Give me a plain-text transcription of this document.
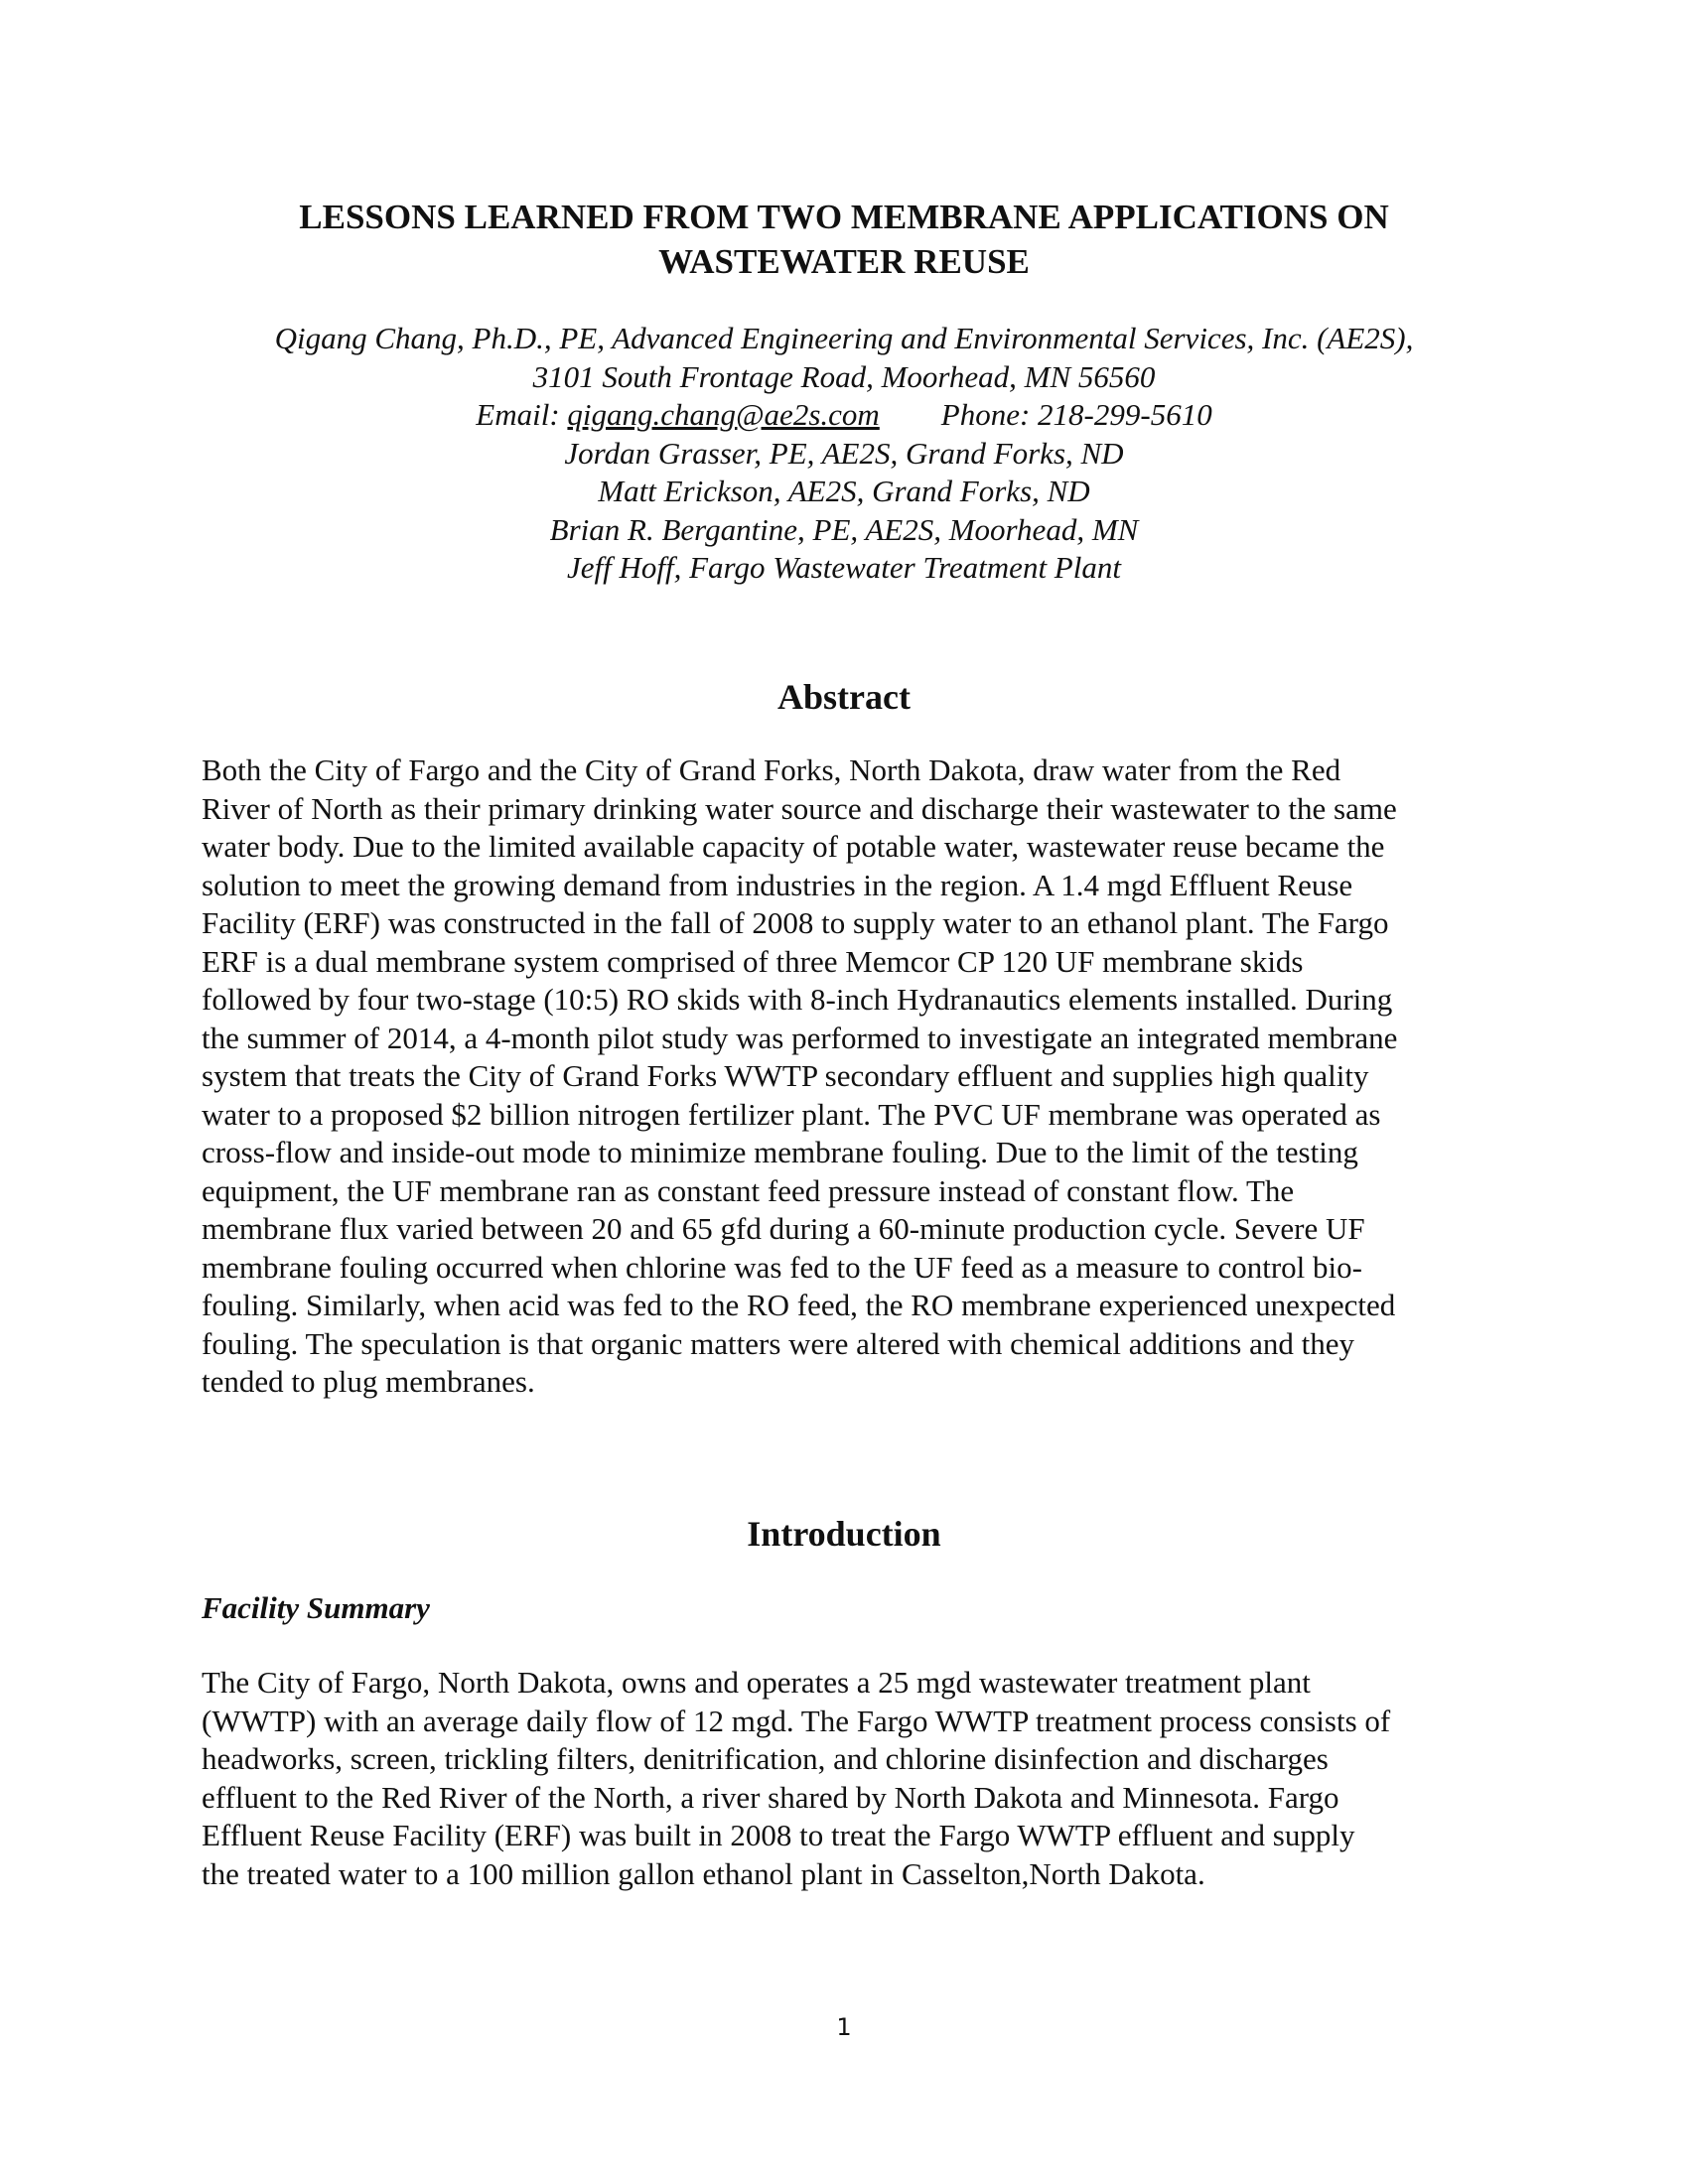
LESSONS LEARNED FROM TWO MEMBRANE APPLICATIONS ON
WASTEWATER REUSE
Qigang Chang, Ph.D., PE, Advanced Engineering and Environmental Services, Inc. (AE2S),
3101 South Frontage Road, Moorhead, MN 56560
Email: qigang.chang@ae2s.com Phone: 218-299-5610
Jordan Grasser, PE, AE2S, Grand Forks, ND
Matt Erickson, AE2S, Grand Forks, ND
Brian R. Bergantine, PE, AE2S, Moorhead, MN
Jeff Hoff, Fargo Wastewater Treatment Plant
Abstract
Both the City of Fargo and the City of Grand Forks, North Dakota, draw water from the Red
River of North as their primary drinking water source and discharge their wastewater to the same
water body. Due to the limited available capacity of potable water, wastewater reuse became the
solution to meet the growing demand from industries in the region. A 1.4 mgd Effluent Reuse
Facility (ERF) was constructed in the fall of 2008 to supply water to an ethanol plant. The Fargo
ERF is a dual membrane system comprised of three Memcor CP 120 UF membrane skids
followed by four two-stage (10:5) RO skids with 8-inch Hydranautics elements installed. During
the summer of 2014, a 4-month pilot study was performed to investigate an integrated membrane
system that treats the City of Grand Forks WWTP secondary effluent and supplies high quality
water to a proposed $2 billion nitrogen fertilizer plant. The PVC UF membrane was operated as
cross-flow and inside-out mode to minimize membrane fouling. Due to the limit of the testing
equipment, the UF membrane ran as constant feed pressure instead of constant flow. The
membrane flux varied between 20 and 65 gfd during a 60-minute production cycle. Severe UF
membrane fouling occurred when chlorine was fed to the UF feed as a measure to control bio-
fouling. Similarly, when acid was fed to the RO feed, the RO membrane experienced unexpected
fouling. The speculation is that organic matters were altered with chemical additions and they
tended to plug membranes.
Introduction
Facility Summary
The City of Fargo, North Dakota, owns and operates a 25 mgd wastewater treatment plant
(WWTP) with an average daily flow of 12 mgd. The Fargo WWTP treatment process consists of
headworks, screen, trickling filters, denitrification, and chlorine disinfection and discharges
effluent to the Red River of the North, a river shared by North Dakota and Minnesota. Fargo
Effluent Reuse Facility (ERF) was built in 2008 to treat the Fargo WWTP effluent and supply
the treated water to a 100 million gallon ethanol plant in Casselton,North Dakota.
1
